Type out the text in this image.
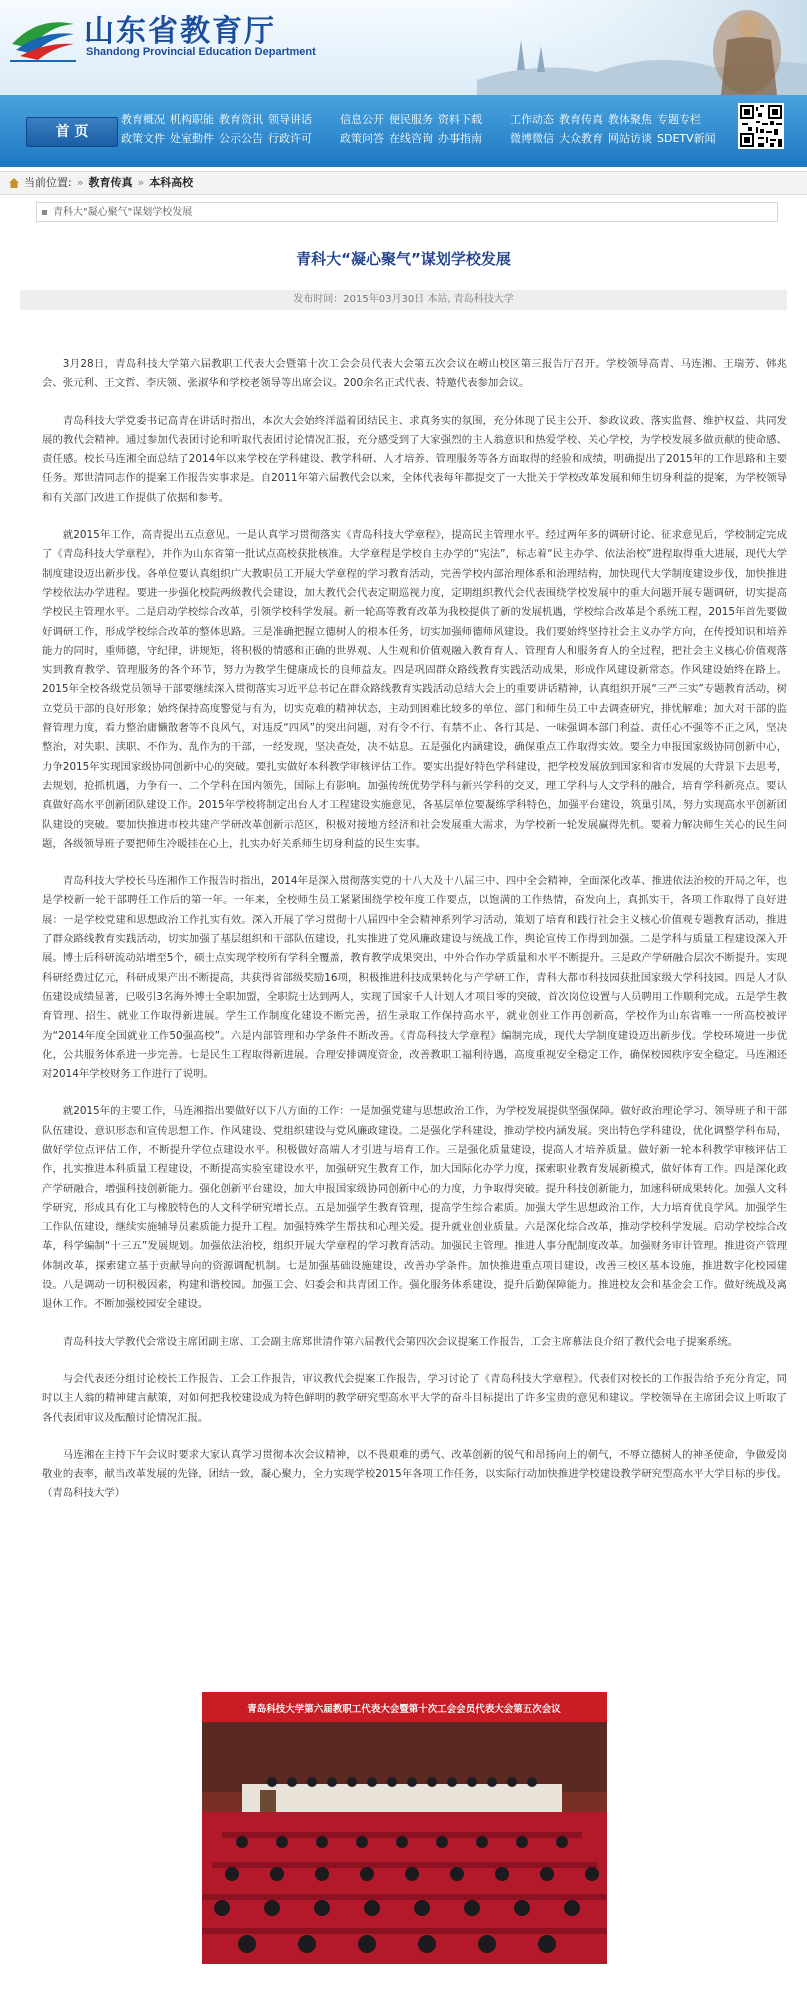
山东省教育厅
Shandong Provincial Education Department
首 页
教育概况 机构职能 教育资讯 领导讲话
政策文件 处室動件 公示公告 行政许可
信息公开 便民服务 资料下载
政策问答 在线咨询 办事指南
工作动态 教育传真 教体聚焦 专题专栏
微博微信 大众教育 网站访谈 SDETV新闻
当前位置: » 教育传真 » 本科高校
青科大"凝心聚气"谋划学校发展
青科大“凝心聚气”谋划学校发展
发布时间：2015年03月30日 本站, 青岛科技大学

3月28日，青岛科技大学第六届教职工代表大会暨第十次工会会员代表大会第五次会议在崂山校区第三报告厅召开。学校领导高青、马连湘、王瑞芳、韩兆会、张元利、王文哲、李庆领、张淑华和学校老领导等出席会议。200余名正式代表、特邀代表参加会议。

青岛科技大学党委书记高青在讲话时指出，本次大会始终洋溢着团结民主、求真务实的氛围，充分体现了民主公开、参政议政、落实监督、维护权益、共同发展的教代会精神。通过参加代表团讨论和听取代表团讨论情况汇报，充分感受到了大家强烈的主人翁意识和热爱学校、关心学校，为学校发展多做贡献的使命感、责任感。校长马连湘全面总结了2014年以来学校在学科建设、教学科研、人才培养、管理服务等各方面取得的经验和成绩，明确提出了2015年的工作思路和主要任务。郑世清同志作的提案工作报告实事求是。自2011年第六届教代会以来，全体代表每年都提交了一大批关于学校改革发展和师生切身利益的提案，为学校领导和有关部门改进工作提供了依据和参考。

就2015年工作，高青提出五点意见。一是认真学习贯彻落实《青岛科技大学章程》，提高民主管理水平。经过两年多的调研讨论、征求意见后，学校制定完成了《青岛科技大学章程》，并作为山东省第一批试点高校获批核准。大学章程是学校自主办学的“宪法”，标志着“民主办学、依法治校”进程取得重大进展，现代大学制度建设迈出新步伐。各单位要认真组织广大教职员工开展大学章程的学习教育活动，完善学校内部治理体系和治理结构，加快现代大学制度建设步伐，加快推进学校依法办学进程。要进一步强化校院两级教代会建设，加大教代会代表定期巡视力度，定期组织教代会代表围绕学校发展中的重大问题开展专题调研，切实提高学校民主管理水平。二是启动学校综合改革，引领学校科学发展。新一轮高等教育改革为我校提供了新的发展机遇，学校综合改革是个系统工程，2015年首先要做好调研工作，形成学校综合改革的整体思路。三是准确把握立德树人的根本任务，切实加强师德师风建设。我们要始终坚持社会主义办学方向，在传授知识和培养能力的同时，重师德，守纪律，讲规矩，将积极的情感和正确的世界观、人生观和价值观融入教育育人、管理育人和服务育人的全过程，把社会主义核心价值观落实到教育教学、管理服务的各个环节，努力为教学生健康成长的良师益友。四是巩固群众路线教育实践活动成果，形成作风建设新常态。作风建设始终在路上。2015年全校各级党员领导干部要继续深入贯彻落实习近平总书记在群众路线教育实践活动总结大会上的重要讲话精神，认真组织开展“三严三实”专题教育活动，树立党员干部的良好形象；始终保持高度警觉与有为，切实克难的精神状态，主动到困难比较多的单位、部门和师生员工中去调查研究，排忧解难；加大对干部的监督管理力度，看力整治庸懒散奢等不良风气，对违反“四风”的突出问题，对有令不行、有禁不止、各行其是、一味强调本部门利益、责任心不强等不正之风，坚决整治，对失职、渎职、不作为、乱作为的干部，一经发现，坚决查处，决不姑息。五是强化内涵建设，确保重点工作取得实效。要全力申报国家级协同创新中心，力争2015年实现国家级协同创新中心的突破。要扎实做好本科教学审核评估工作。要实出提好特色学科建设，把学校发展放到国家和省市发展的大背景下去思考，去规划，抢抓机遇，力争有一、二个学科在国内领先，国际上有影响。加强传统优势学科与新兴学科的交叉，理工学科与人文学科的融合，培育学科新亮点。要认真做好高水平创新团队建设工作。2015年学校将制定出台人才工程建设实施意见，各基层单位要凝练学科特色，加强平台建设，筑巢引凤，努力实现高水平创新团队建设的突破。要加快推进市校共建产学研改革创新示范区，积极对接地方经济和社会发展重大需求，为学校新一轮发展赢得先机。要着力解决师生关心的民生问题，各级领导班子要把师生冷暖挂在心上，扎实办好关系师生切身利益的民生实事。

青岛科技大学校长马连湘作工作报告时指出，2014年是深入贯彻落实党的十八大及十八届三中、四中全会精神，全面深化改革、推进依法治校的开局之年，也是学校新一轮干部聘任工作后的第一年。一年来，全校师生员工紧紧围绕学校年度工作要点，以饱满的工作热情，奋发向上，真抓实干，各项工作取得了良好进展：一是学校党建和思想政治工作扎实有效。深入开展了学习贯彻十八届四中全会精神系列学习活动，策划了培育和践行社会主义核心价值观专题教育活动，推进了群众路线教育实践活动，切实加强了基层组织和干部队伍建设，扎实推进了党风廉政建设与统战工作，舆论宣传工作得到加强。二是学科与质量工程建设深入开展。博士后科研流动站增至5个，硕士点实现学校所有学科全覆盖，教育教学成果突出，中外合作办学质量和水平不断提升。三是政产学研融合层次不断提升。实现科研经费过亿元，科研成果产出不断提高，共获得省部级奖励16项，积极推进科技成果转化与产学研工作，青科大都市科技园获批国家级大学科技园。四是人才队伍建设成绩显著，已吸引3名海外博士全职加盟，全职院士达到两人，实现了国家千人计划人才项目零的突破，首次岗位设置与人员聘用工作顺利完成。五是学生教育管理、招生、就业工作取得新进展。学生工作制度化建设不断完善，招生录取工作保持高水平，就业创业工作再创新高，学校作为山东省唯一一所高校被评为“2014年度全国就业工作50强高校”。六是内部管理和办学条件不断改善。《青岛科技大学章程》编制完成，现代大学制度建设迈出新步伐。学校环境进一步优化，公共服务体系进一步完善。七是民生工程取得新进展。合理安排调度资金，改善教职工福利待遇，高度重视安全稳定工作，确保校园秩序安全稳定。马连湘还对2014年学校财务工作进行了说明。

就2015年的主要工作，马连湘指出要做好以下八方面的工作：一是加强党建与思想政治工作，为学校发展提供坚强保障。做好政治理论学习、领导班子和干部队伍建设、意识形态和宣传思想工作、作风建设、党组织建设与党风廉政建设。二是强化学科建设，推动学校内涵发展。突出特色学科建设，优化调整学科布局，做好学位点评估工作，不断提升学位点建设水平。积极做好高端人才引进与培育工作。三是强化质量建设，提高人才培养质量。做好新一轮本科教学审核评估工作，扎实推进本科质量工程建设，不断提高实验室建设水平，加强研究生教育工作，加大国际化办学力度，探索职业教育发展新模式，做好体育工作。四是深化政产学研融合，增强科技创新能力。强化创新平台建设，加大申报国家级协同创新中心的力度，力争取得突破。提升科技创新能力，加速科研成果转化。加强人文科学研究，形成具有化工与橡胶特色的人文科学研究增长点。五是加强学生教育管理，提高学生综合素质。加强大学生思想政治工作，大力培育优良学风。加强学生工作队伍建设，继续实施辅导员素质能力提升工程。加强特殊学生帮扶和心理关爱。提升就业创业质量。六是深化综合改革，推动学校科学发展。启动学校综合改革，科学编制“十三五”发展规划。加强依法治校，组织开展大学章程的学习教育活动。加强民主管理。推进人事分配制度改革。加强财务审计管理。推进资产管理体制改革，探索建立基于贡献导向的资源调配机制。七是加强基础设施建设，改善办学条件。加快推进重点项目建设，改善三校区基本设施，推进数字化校园建设。八是调动一切积极因素，构建和谐校园。加强工会、妇委会和共青团工作。强化服务体系建设，提升后勤保障能力。推进校友会和基金会工作。做好统战及离退休工作。不断加强校园安全建设。

青岛科技大学教代会常设主席团副主席、工会副主席郑世清作第六届教代会第四次会议提案工作报告，工会主席慕法良介绍了教代会电子提案系统。

与会代表还分组讨论校长工作报告、工会工作报告，审议教代会提案工作报告，学习讨论了《青岛科技大学章程》。代表们对校长的工作报告给予充分肯定，同时以主人翁的精神建言献策，对如何把我校建设成为特色鲜明的教学研究型高水平大学的奋斗目标提出了许多宝贵的意见和建议。学校领导在主席团会议上听取了各代表团审议及酝酿讨论情况汇报。

马连湘在主持下午会议时要求大家认真学习贯彻本次会议精神，以不畏艰难的勇气、改革创新的锐气和昂扬向上的朝气，不辱立德树人的神圣使命，争做爱岗敬业的表率，献当改革发展的先锋，团结一致，凝心聚力，全力实现学校2015年各项工作任务，以实际行动加快推进学校建设教学研究型高水平大学目标的步伐。（青岛科技大学）

青岛科技大学第六届教职工代表大会暨第十次工会会员代表大会第五次会议
